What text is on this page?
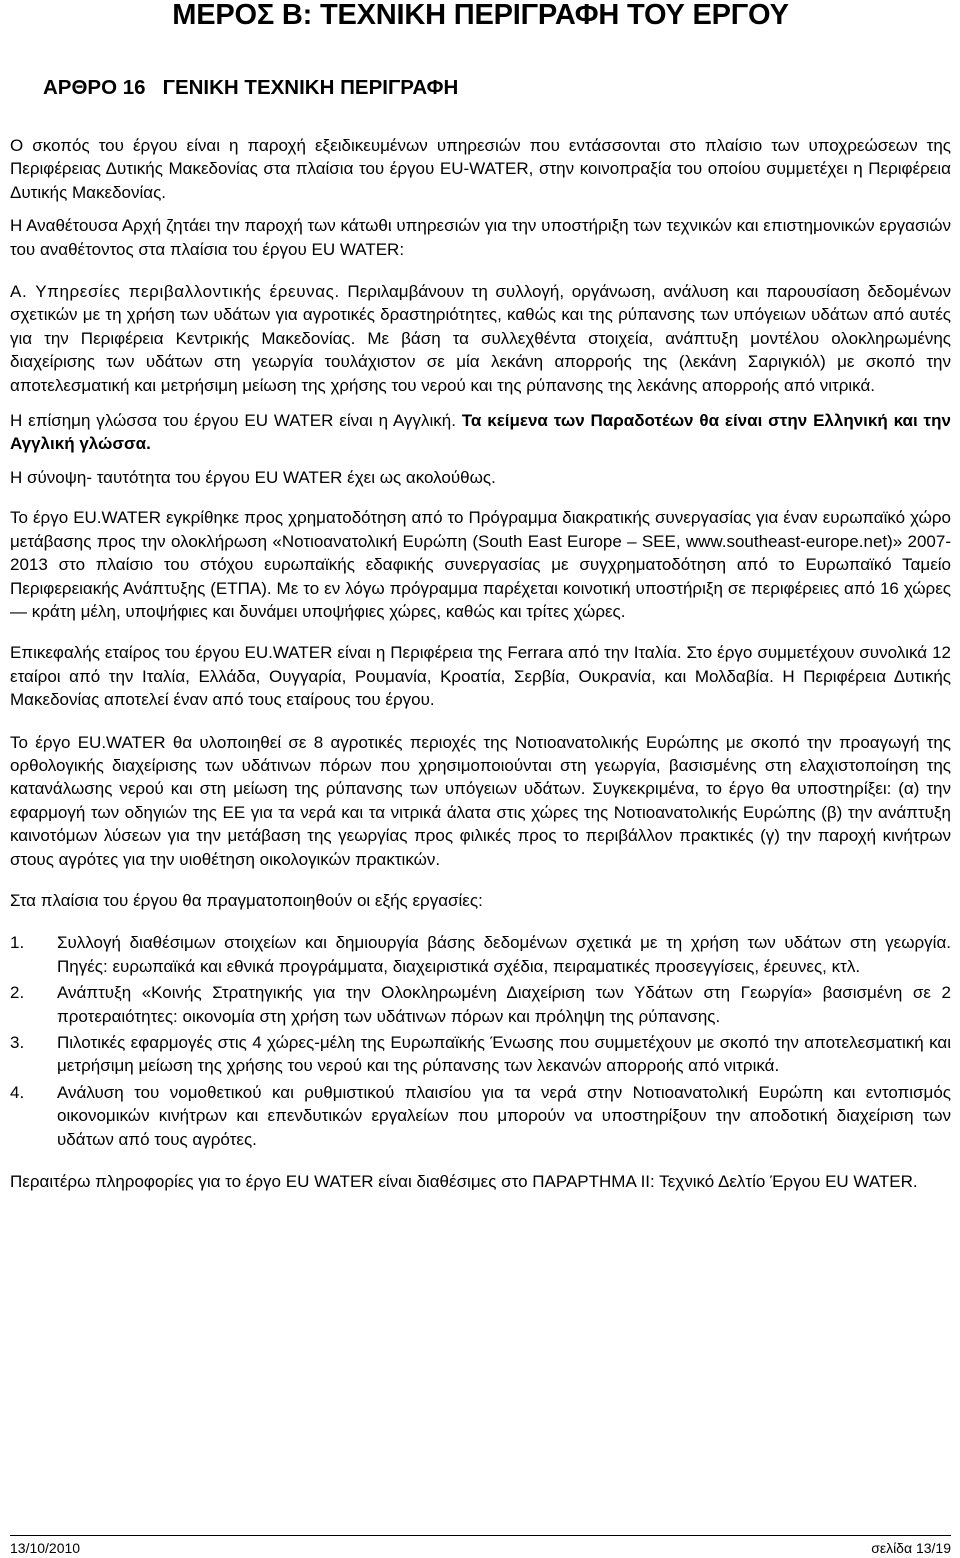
ΜΕΡΟΣ Β: ΤΕΧΝΙΚΗ ΠΕΡΙΓΡΑΦΗ ΤΟΥ ΕΡΓΟΥ
ΑΡΘΡΟ 16   ΓΕΝΙΚΗ ΤΕΧΝΙΚΗ ΠΕΡΙΓΡΑΦΗ

Ο σκοπός του έργου είναι η παροχή εξειδικευμένων υπηρεσιών που εντάσσονται στο πλαίσιο των υποχρεώσεων της Περιφέρειας Δυτικής Μακεδονίας στα πλαίσια του έργου EU-WATER, στην κοινοπραξία του οποίου συμμετέχει η Περιφέρεια Δυτικής Μακεδονίας.

Η Αναθέτουσα Αρχή ζητάει την παροχή των κάτωθι υπηρεσιών για την υποστήριξη των τεχνικών και επιστημονικών εργασιών του αναθέτοντος στα πλαίσια του έργου EU WATER:

Α. Υπηρεσίες περιβαλλοντικής έρευνας. Περιλαμβάνουν τη συλλογή, οργάνωση, ανάλυση και παρουσίαση δεδομένων σχετικών με τη χρήση των υδάτων για αγροτικές δραστηριότητες, καθώς και της ρύπανσης των υπόγειων υδάτων από αυτές για την Περιφέρεια Κεντρικής Μακεδονίας. Με βάση τα συλλεχθέντα στοιχεία, ανάπτυξη μοντέλου ολοκληρωμένης διαχείρισης των υδάτων στη γεωργία τουλάχιστον σε μία λεκάνη απορροής της (λεκάνη Σαριγκιόλ) με σκοπό την αποτελεσματική και μετρήσιμη μείωση της χρήσης του νερού και της ρύπανσης της λεκάνης απορροής από νιτρικά.

Η επίσημη γλώσσα του έργου EU WATER είναι η Αγγλική. Τα κείμενα των Παραδοτέων θα είναι στην Ελληνική και την Αγγλική γλώσσα.

Η σύνοψη- ταυτότητα του έργου EU WATER έχει ως ακολούθως.

Το έργο EU.WATER εγκρίθηκε προς χρηματοδότηση από το Πρόγραμμα διακρατικής συνεργασίας για έναν ευρωπαϊκό χώρο μετάβασης προς την ολοκλήρωση «Νοτιοανατολική Ευρώπη (South East Europe – SEE, www.southeast-europe.net)» 2007-2013 στο πλαίσιο του στόχου ευρωπαϊκής εδαφικής συνεργασίας με συγχρηματοδότηση από το Ευρωπαϊκό Ταμείο Περιφερειακής Ανάπτυξης (ΕΤΠΑ). Με το εν λόγω πρόγραμμα παρέχεται κοινοτική υποστήριξη σε περιφέρειες από 16 χώρες — κράτη μέλη, υποψήφιες και δυνάμει υποψήφιες χώρες, καθώς και τρίτες χώρες.

Επικεφαλής εταίρος του έργου EU.WATER είναι η Περιφέρεια της Ferrara από την Ιταλία. Στο έργο συμμετέχουν συνολικά 12 εταίροι από την Ιταλία, Ελλάδα, Ουγγαρία, Ρουμανία, Κροατία, Σερβία, Ουκρανία, και Μολδαβία. Η Περιφέρεια Δυτικής Μακεδονίας αποτελεί έναν από τους εταίρους του έργου.

Το έργο EU.WATER θα υλοποιηθεί σε 8 αγροτικές περιοχές της Νοτιοανατολικής Ευρώπης με σκοπό την προαγωγή της ορθολογικής διαχείρισης των υδάτινων πόρων που χρησιμοποιούνται στη γεωργία, βασισμένης στη ελαχιστοποίηση της κατανάλωσης νερού και στη μείωση της ρύπανσης των υπόγειων υδάτων. Συγκεκριμένα, το έργο θα υποστηρίξει: (α) την εφαρμογή των οδηγιών της ΕΕ για τα νερά και τα νιτρικά άλατα στις χώρες της Νοτιοανατολικής Ευρώπης (β) την ανάπτυξη καινοτόμων λύσεων για την μετάβαση της γεωργίας προς φιλικές προς το περιβάλλον πρακτικές (γ) την παροχή κινήτρων στους αγρότες για την υιοθέτηση οικολογικών πρακτικών.

Στα πλαίσια του έργου θα πραγματοποιηθούν οι εξής εργασίες:

1. Συλλογή διαθέσιμων στοιχείων και δημιουργία βάσης δεδομένων σχετικά με τη χρήση των υδάτων στη γεωργία. Πηγές: ευρωπαϊκά και εθνικά προγράμματα, διαχειριστικά σχέδια, πειραματικές προσεγγίσεις, έρευνες, κτλ.
2. Ανάπτυξη «Κοινής Στρατηγικής για την Ολοκληρωμένη Διαχείριση των Υδάτων στη Γεωργία» βασισμένη σε 2 προτεραιότητες: οικονομία στη χρήση των υδάτινων πόρων και πρόληψη της ρύπανσης.
3. Πιλοτικές εφαρμογές στις 4 χώρες-μέλη της Ευρωπαϊκής Ένωσης που συμμετέχουν με σκοπό την αποτελεσματική και μετρήσιμη μείωση της χρήσης του νερού και της ρύπανσης των λεκανών απορροής από νιτρικά.
4. Ανάλυση του νομοθετικού και ρυθμιστικού πλαισίου για τα νερά στην Νοτιοανατολική Ευρώπη και εντοπισμός οικονομικών κινήτρων και επενδυτικών εργαλείων που μπορούν να υποστηρίξουν την αποδοτική διαχείριση των υδάτων από τους αγρότες.

Περαιτέρω πληροφορίες για το έργο EU WATER είναι διαθέσιμες στο ΠΑΡΑΡΤΗΜΑ ΙΙ: Τεχνικό Δελτίο Έργου EU WATER.

13/10/2010	σελίδα 13/19
